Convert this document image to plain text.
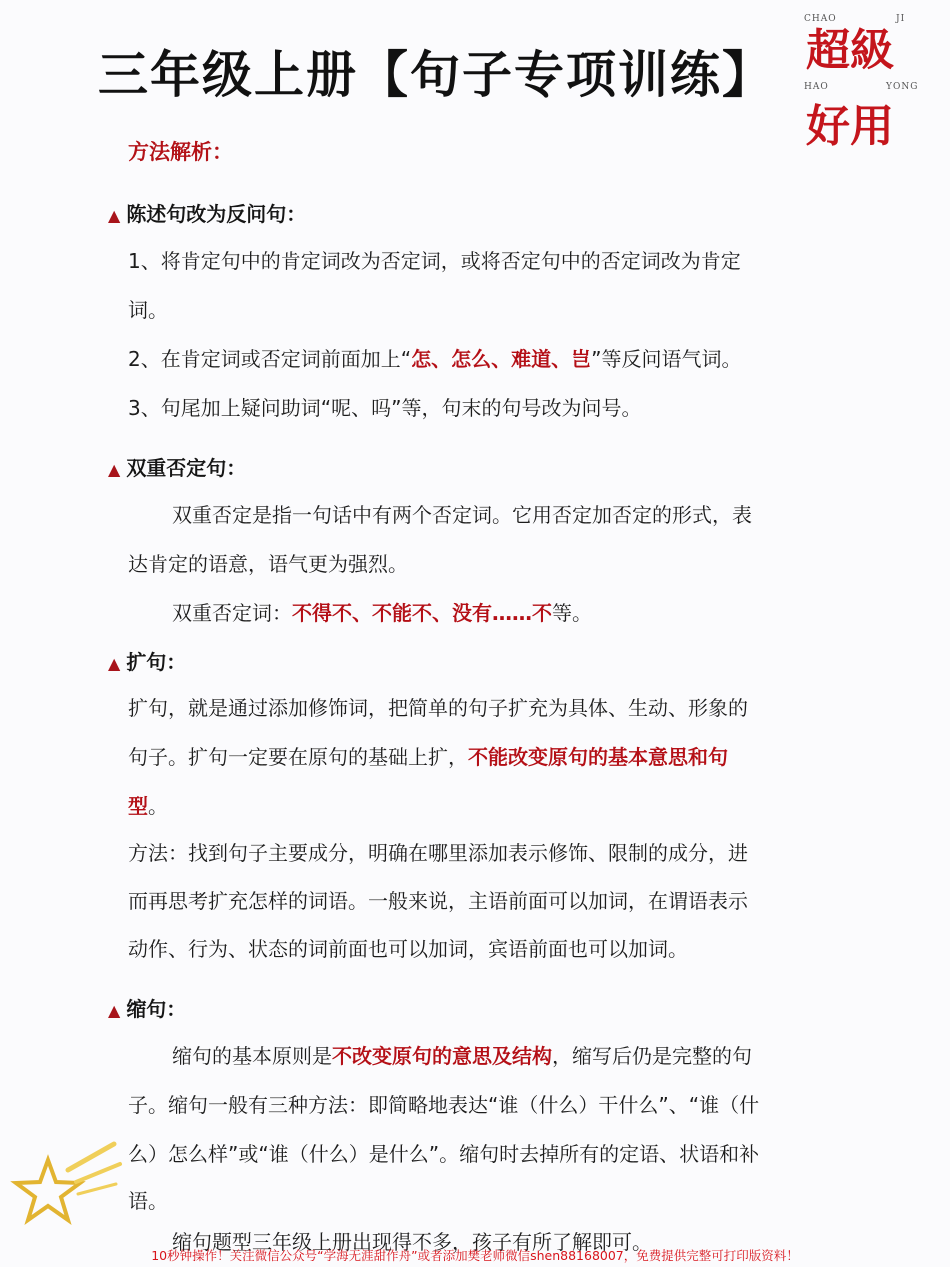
三年级上册【句子专项训练】
CHAO	JI
超級
HAO	YONG
好用
方法解析：
▲ 陈述句改为反问句：
1、将肯定句中的肯定词改为否定词，或将否定句中的否定词改为肯定
词。
2、在肯定词或否定词前面加上“怎、怎么、难道、岂”等反问语气词。
3、句尾加上疑问助词“呢、吗”等，句末的句号改为问号。
▲ 双重否定句：
双重否定是指一句话中有两个否定词。它用否定加否定的形式，表
达肯定的语意，语气更为强烈。
双重否定词：不得不、不能不、没有……不等。
▲ 扩句：
扩句，就是通过添加修饰词，把简单的句子扩充为具体、生动、形象的
句子。扩句一定要在原句的基础上扩，不能改变原句的基本意思和句
型。
方法：找到句子主要成分，明确在哪里添加表示修饰、限制的成分，进
而再思考扩充怎样的词语。一般来说，主语前面可以加词，在谓语表示
动作、行为、状态的词前面也可以加词，宾语前面也可以加词。
▲ 缩句：
缩句的基本原则是不改变原句的意思及结构，缩写后仍是完整的句
子。缩句一般有三种方法：即简略地表达“谁（什么）干什么”、“谁（什
么）怎么样”或“谁（什么）是什么”。缩句时去掉所有的定语、状语和补
语。
缩句题型三年级上册出现得不多，孩子有所了解即可。
10秒钟操作！关注微信公众号“学海无涯甜作舟”或者添加樊老师微信shen88168007，免费提供完整可打印版资料！
